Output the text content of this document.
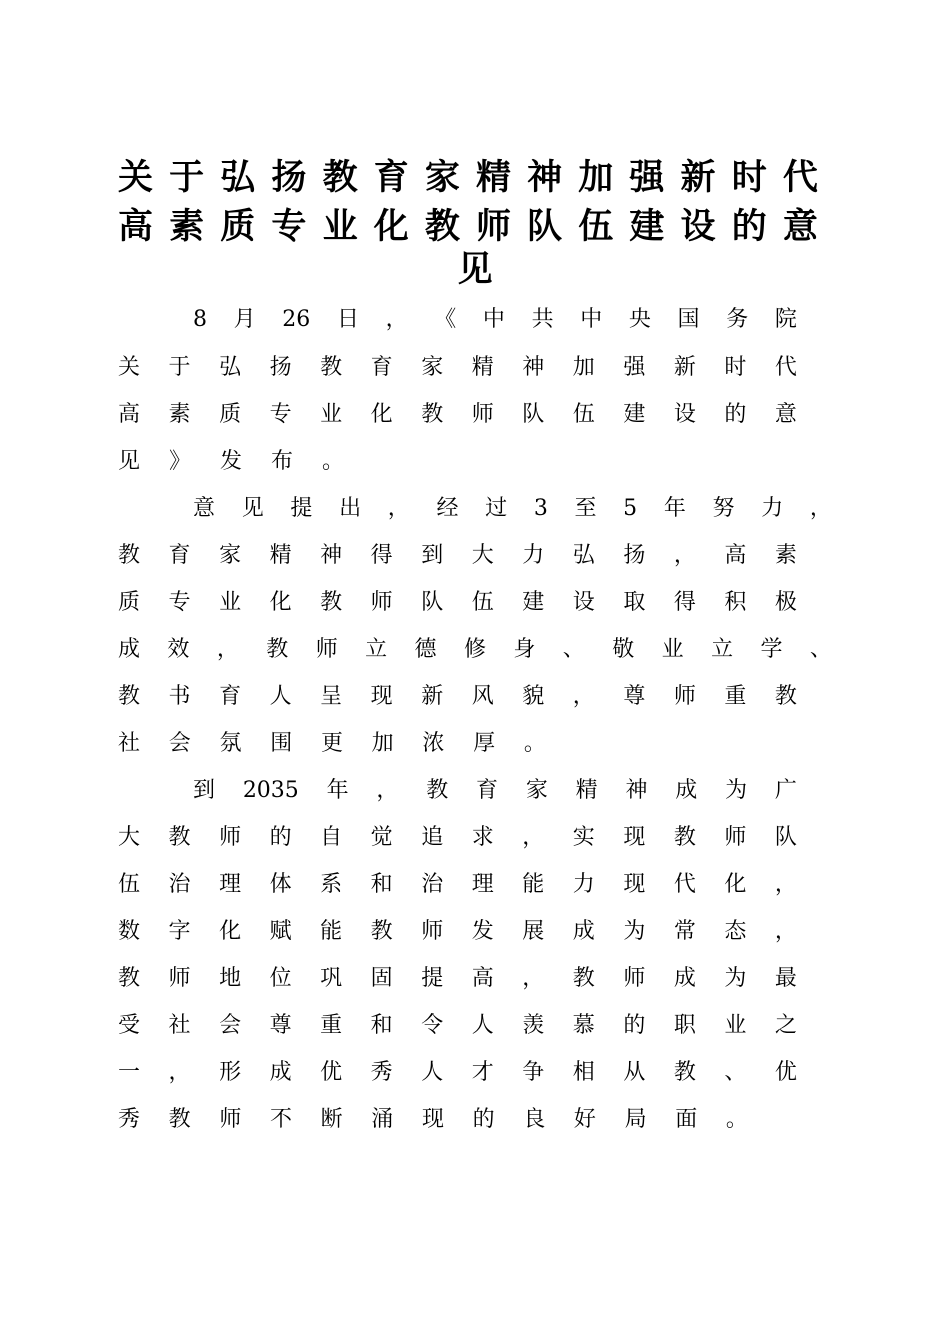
关 于 弘 扬 教 育 家 精 神 加 强 新 时 代
高 素 质 专 业 化 教 师 队 伍 建 设 的 意
见
8 月 26 日 ， 《 中 共 中 央 国 务 院
关 于 弘 扬 教 育 家 精 神 加 强 新 时 代
高 素 质 专 业 化 教 师 队 伍 建 设 的 意
见 》 发 布 。
意 见 提 出 ， 经 过 3 至 5 年 努 力 ，
教 育 家 精 神 得 到 大 力 弘 扬 ， 高 素
质 专 业 化 教 师 队 伍 建 设 取 得 积 极
成 效 ， 教 师 立 德 修 身 、 敬 业 立 学 、
教 书 育 人 呈 现 新 风 貌 ， 尊 师 重 教
社 会 氛 围 更 加 浓 厚 。
到 2035 年 ， 教 育 家 精 神 成 为 广
大 教 师 的 自 觉 追 求 ， 实 现 教 师 队
伍 治 理 体 系 和 治 理 能 力 现 代 化 ，
数 字 化 赋 能 教 师 发 展 成 为 常 态 ，
教 师 地 位 巩 固 提 高 ， 教 师 成 为 最
受 社 会 尊 重 和 令 人 羡 慕 的 职 业 之
一 ， 形 成 优 秀 人 才 争 相 从 教 、 优
秀 教 师 不 断 涌 现 的 良 好 局 面 。
